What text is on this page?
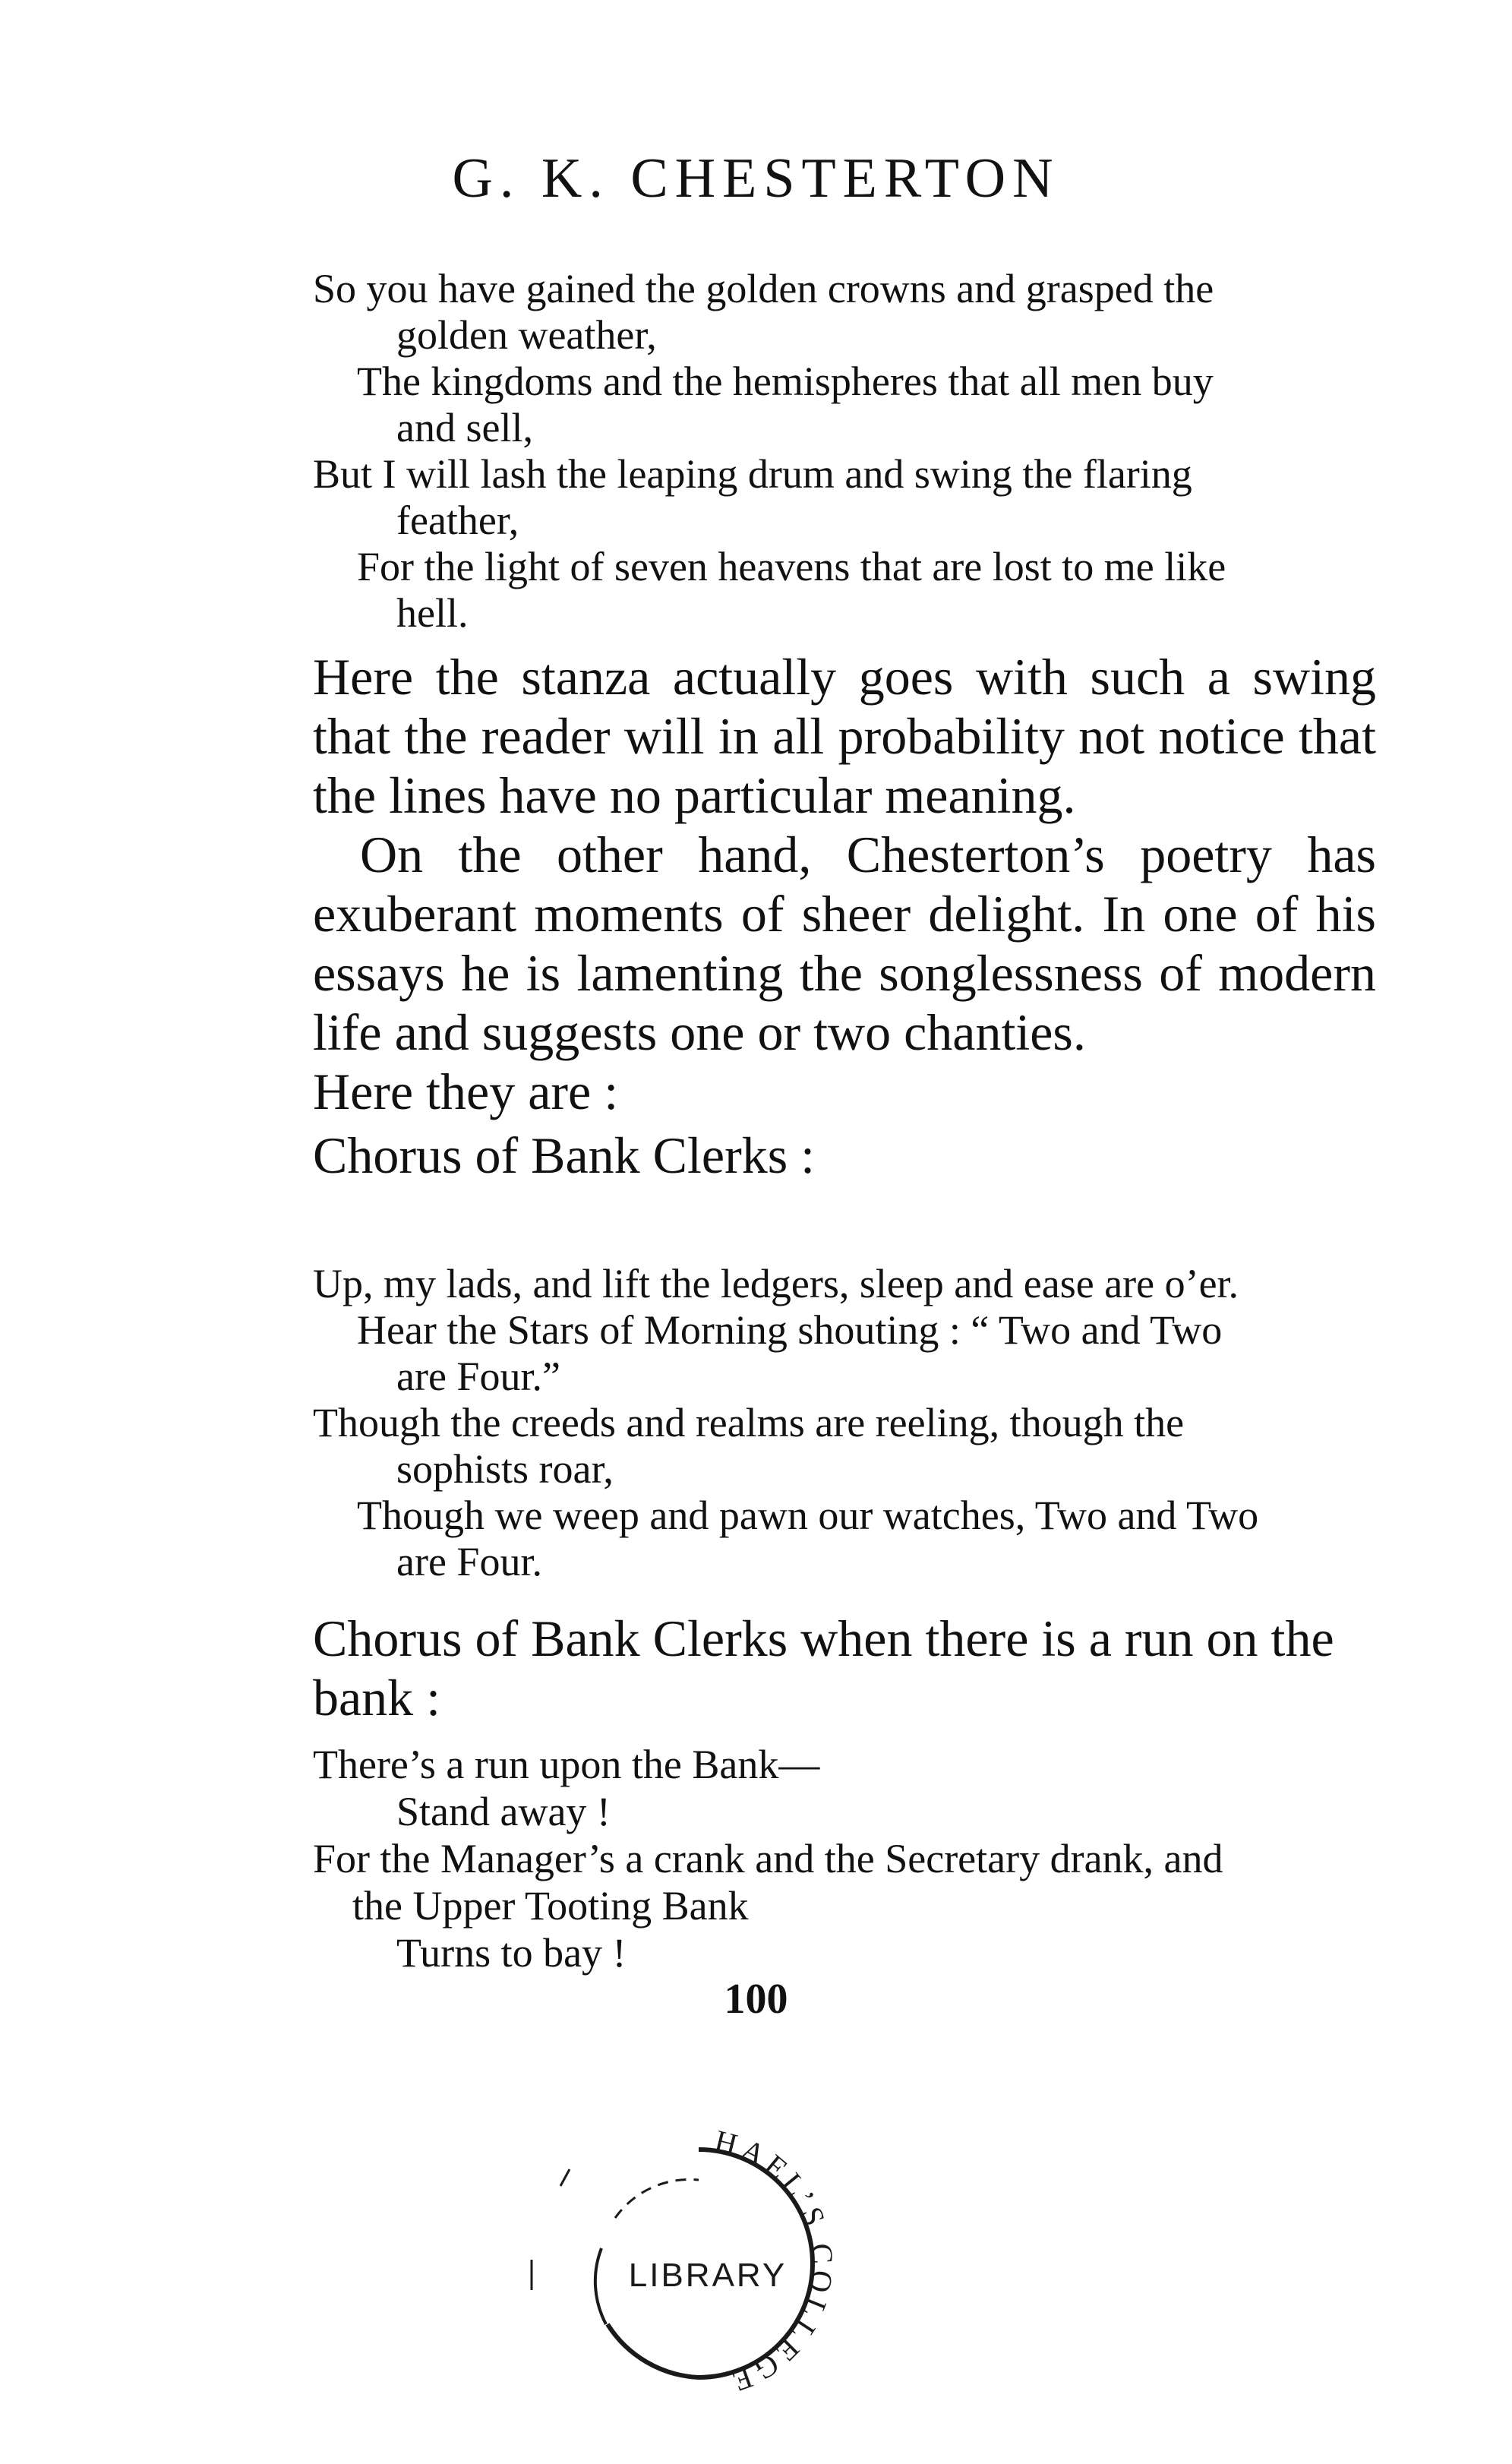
G. K. CHESTERTON

So you have gained the golden crowns and grasped the
golden weather,

The kingdoms and the hemispheres that all men buy
and sell,

But I will lash the leaping drum and swing the flaring
feather,

For the light of seven heavens that are lost to me like
hell.

Here the stanza actually goes with such a swing that the reader will in all probability not notice that the lines have no particular meaning.

On the other hand, Chesterton’s poetry has exuberant moments of sheer delight. In one of his essays he is lamenting the songlessness of modern life and suggests one or two chanties.

Here they are :

Chorus of Bank Clerks :

Up, my lads, and lift the ledgers, sleep and ease are o’er.

Hear the Stars of Morning shouting : “ Two and Two
are Four.”

Though the creeds and realms are reeling, though the
sophists roar,

Though we weep and pawn our watches, Two and Two
are Four.

Chorus of Bank Clerks when there is a run on the bank :

There’s a run upon the Bank—

Stand away !

For the Manager’s a crank and the Secretary drank, and

the Upper Tooting Bank

Turns to bay !

100
HAEL’S COLLEGE
LIBRARY
